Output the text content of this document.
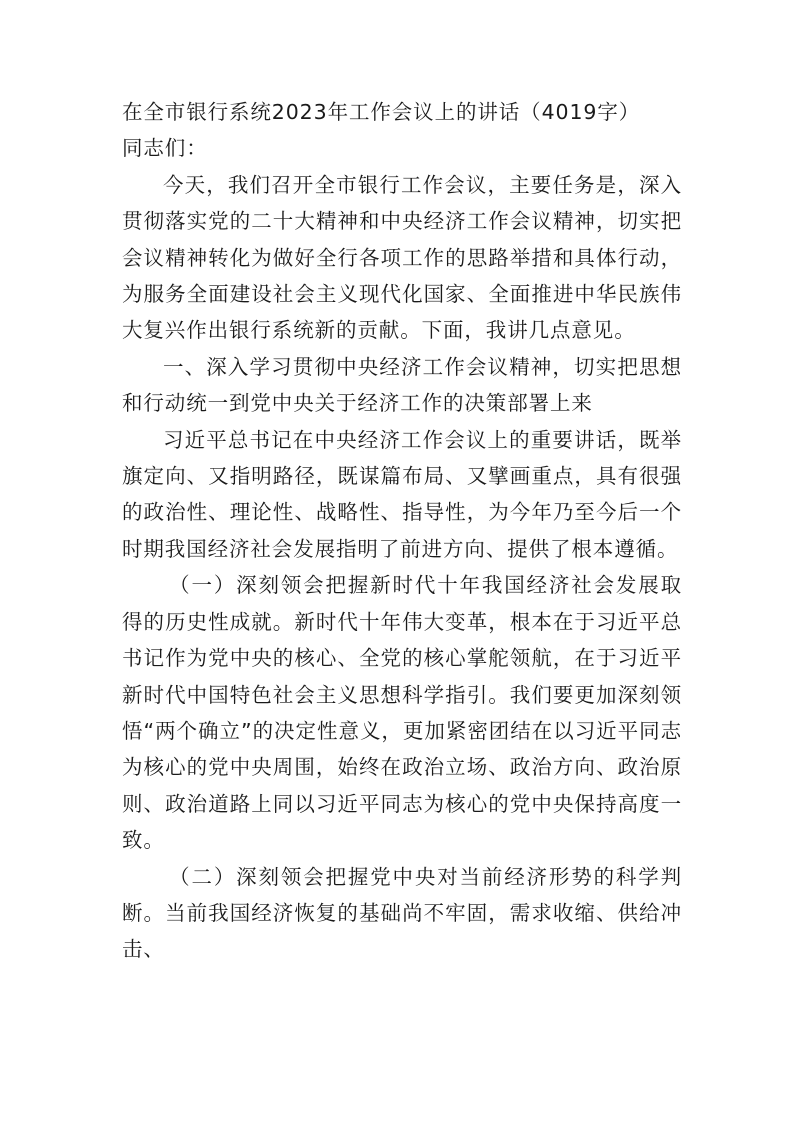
在全市银行系统2023年工作会议上的讲话（4019字）

同志们：

今天，我们召开全市银行工作会议，主要任务是，深入贯彻落实党的二十大精神和中央经济工作会议精神，切实把会议精神转化为做好全行各项工作的思路举措和具体行动，为服务全面建设社会主义现代化国家、全面推进中华民族伟大复兴作出银行系统新的贡献。下面，我讲几点意见。

一、深入学习贯彻中央经济工作会议精神，切实把思想和行动统一到党中央关于经济工作的决策部署上来

习近平总书记在中央经济工作会议上的重要讲话，既举旗定向、又指明路径，既谋篇布局、又擘画重点，具有很强的政治性、理论性、战略性、指导性，为今年乃至今后一个时期我国经济社会发展指明了前进方向、提供了根本遵循。

（一）深刻领会把握新时代十年我国经济社会发展取得的历史性成就。新时代十年伟大变革，根本在于习近平总书记作为党中央的核心、全党的核心掌舵领航，在于习近平新时代中国特色社会主义思想科学指引。我们要更加深刻领悟“两个确立”的决定性意义，更加紧密团结在以习近平同志为核心的党中央周围，始终在政治立场、政治方向、政治原则、政治道路上同以习近平同志为核心的党中央保持高度一致。

（二）深刻领会把握党中央对当前经济形势的科学判断。当前我国经济恢复的基础尚不牢固，需求收缩、供给冲击、
